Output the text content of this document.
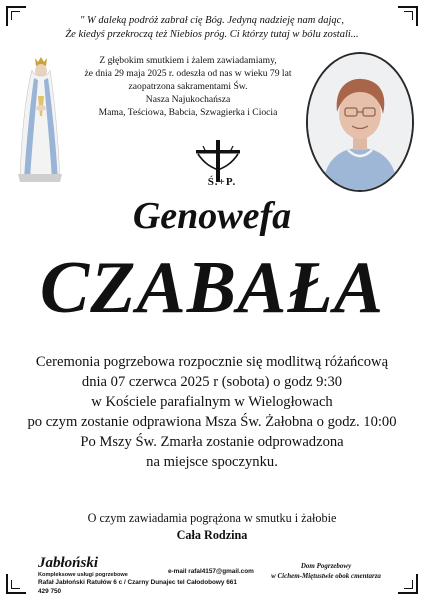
" W daleką podróż zabrał cię Bóg. Jedyną nadzieję nam dając,
Że kiedyś przekroczą też Niebios próg. Ci którzy tutaj w bólu zostali...
Z głębokim smutkiem i żalem zawiadamiamy,
że dnia 29 maja 2025 r. odeszła od nas w wieku 79 lat
zaopatrzona sakramentami Św.
Nasza Najukochańsza
Mama, Teściowa, Babcia, Szwagierka i Ciocia
Ś.+P.
Genowefa
CZABAŁA
Ceremonia pogrzebowa rozpocznie się modlitwą różańcową
dnia 07 czerwca 2025 r (sobota) o godz 9:30
w Kościele parafialnym w Wielogłowach
po czym zostanie odprawiona Msza Św. Żałobna o godz. 10:00
Po Mszy Św. Zmarła zostanie odprowadzona
na miejsce spoczynku.
O czym zawiadamia pogrążona w smutku i żałobie
Cała Rodzina
Jabłoński
Kompleksowe usługi pogrzebowe
Rafał Jabłoński Ratułów 6 c / Czarny Dunajec tel Całodobowy 661 429 750
e-mail rafal4157@gmail.com
Dom Pogrzebowy
w Cichem-Miętustwie obok cmentarza
